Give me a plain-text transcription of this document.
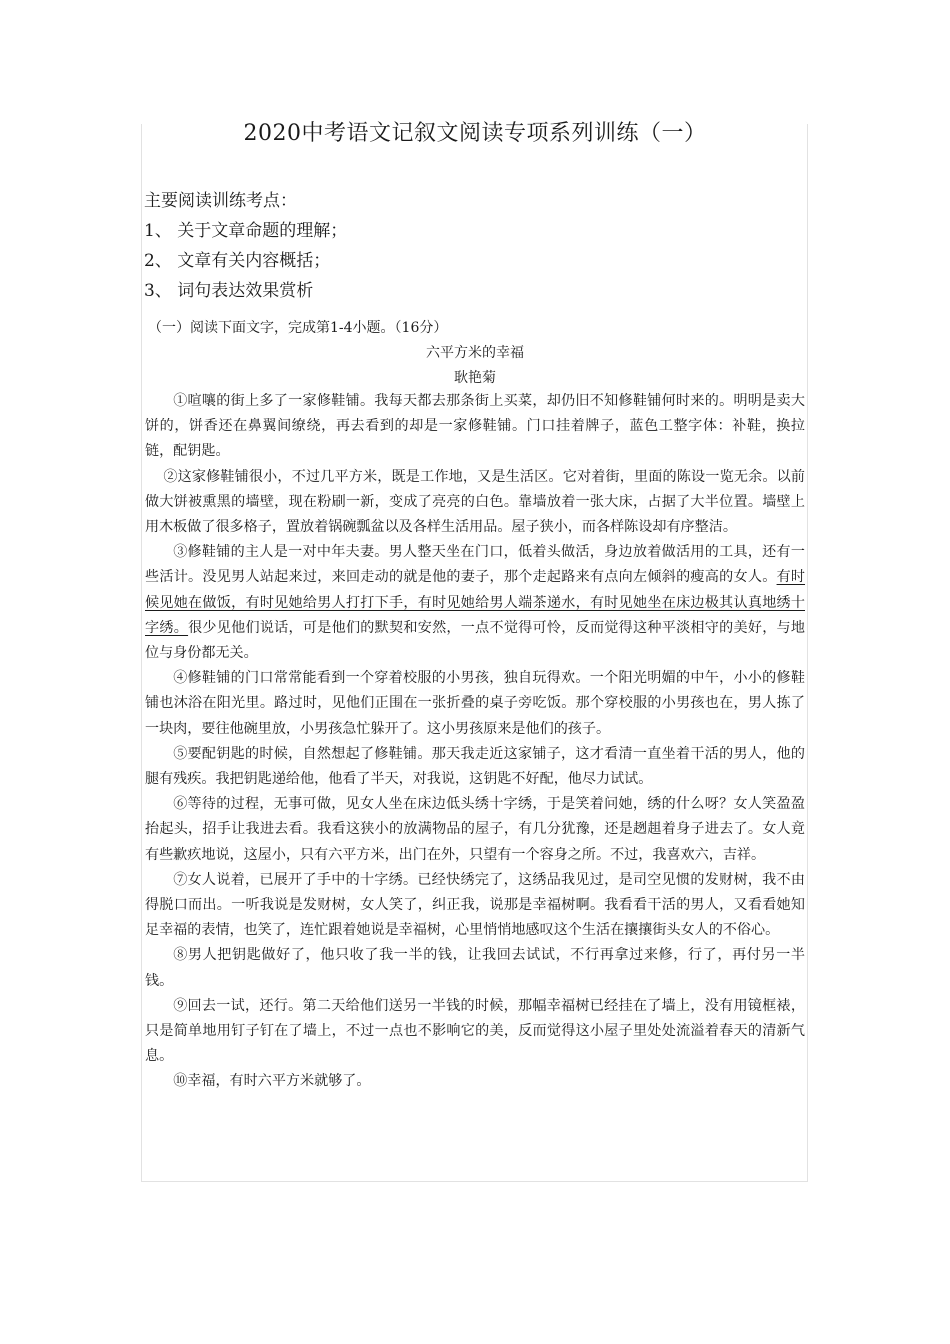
2020中考语文记叙文阅读专项系列训练（一）
主要阅读训练考点：
1、 关于文章命题的理解；
2、 文章有关内容概括；
3、 词句表达效果赏析
（一）阅读下面文字，完成第1-4小题。（16分）
六平方米的幸福
耿艳菊

①喧嚷的街上多了一家修鞋铺。我每天都去那条街上买菜，却仍旧不知修鞋铺何时来的。明明是卖大饼的，饼香还在鼻翼间缭绕，再去看到的却是一家修鞋铺。门口挂着牌子，蓝色工整字体：补鞋，换拉链，配钥匙。

②这家修鞋铺很小，不过几平方米，既是工作地，又是生活区。它对着街，里面的陈设一览无余。以前做大饼被熏黑的墙壁，现在粉刷一新，变成了亮亮的白色。靠墙放着一张大床，占据了大半位置。墙壁上用木板做了很多格子，置放着锅碗瓢盆以及各样生活用品。屋子狭小，而各样陈设却有序整洁。

③修鞋铺的主人是一对中年夫妻。男人整天坐在门口，低着头做活，身边放着做活用的工具，还有一些活计。没见男人站起来过，来回走动的就是他的妻子，那个走起路来有点向左倾斜的瘦高的女人。有时候见她在做饭，有时见她给男人打打下手，有时见她给男人端茶递水，有时见她坐在床边极其认真地绣十字绣。很少见他们说话，可是他们的默契和安然，一点不觉得可怜，反而觉得这种平淡相守的美好，与地位与身份都无关。

④修鞋铺的门口常常能看到一个穿着校服的小男孩，独自玩得欢。一个阳光明媚的中午，小小的修鞋铺也沐浴在阳光里。路过时，见他们正围在一张折叠的桌子旁吃饭。那个穿校服的小男孩也在，男人拣了一块肉，要往他碗里放，小男孩急忙躲开了。这小男孩原来是他们的孩子。

⑤要配钥匙的时候，自然想起了修鞋铺。那天我走近这家铺子，这才看清一直坐着干活的男人，他的腿有残疾。我把钥匙递给他，他看了半天，对我说，这钥匙不好配，他尽力试试。

⑥等待的过程，无事可做，见女人坐在床边低头绣十字绣，于是笑着问她，绣的什么呀？女人笑盈盈抬起头，招手让我进去看。我看这狭小的放满物品的屋子，有几分犹豫，还是趔趄着身子进去了。女人竟有些歉疚地说，这屋小，只有六平方米，出门在外，只望有一个容身之所。不过，我喜欢六，吉祥。

⑦女人说着，已展开了手中的十字绣。已经快绣完了，这绣品我见过，是司空见惯的发财树，我不由得脱口而出。一听我说是发财树，女人笑了，纠正我，说那是幸福树啊。我看看干活的男人，又看看她知足幸福的表情，也笑了，连忙跟着她说是幸福树，心里悄悄地感叹这个生活在攘攘街头女人的不俗心。

⑧男人把钥匙做好了，他只收了我一半的钱，让我回去试试，不行再拿过来修，行了，再付另一半钱。

⑨回去一试，还行。第二天给他们送另一半钱的时候，那幅幸福树已经挂在了墙上，没有用镜框裱，只是简单地用钉子钉在了墙上，不过一点也不影响它的美，反而觉得这小屋子里处处流溢着春天的清新气息。

⑩幸福，有时六平方米就够了。
